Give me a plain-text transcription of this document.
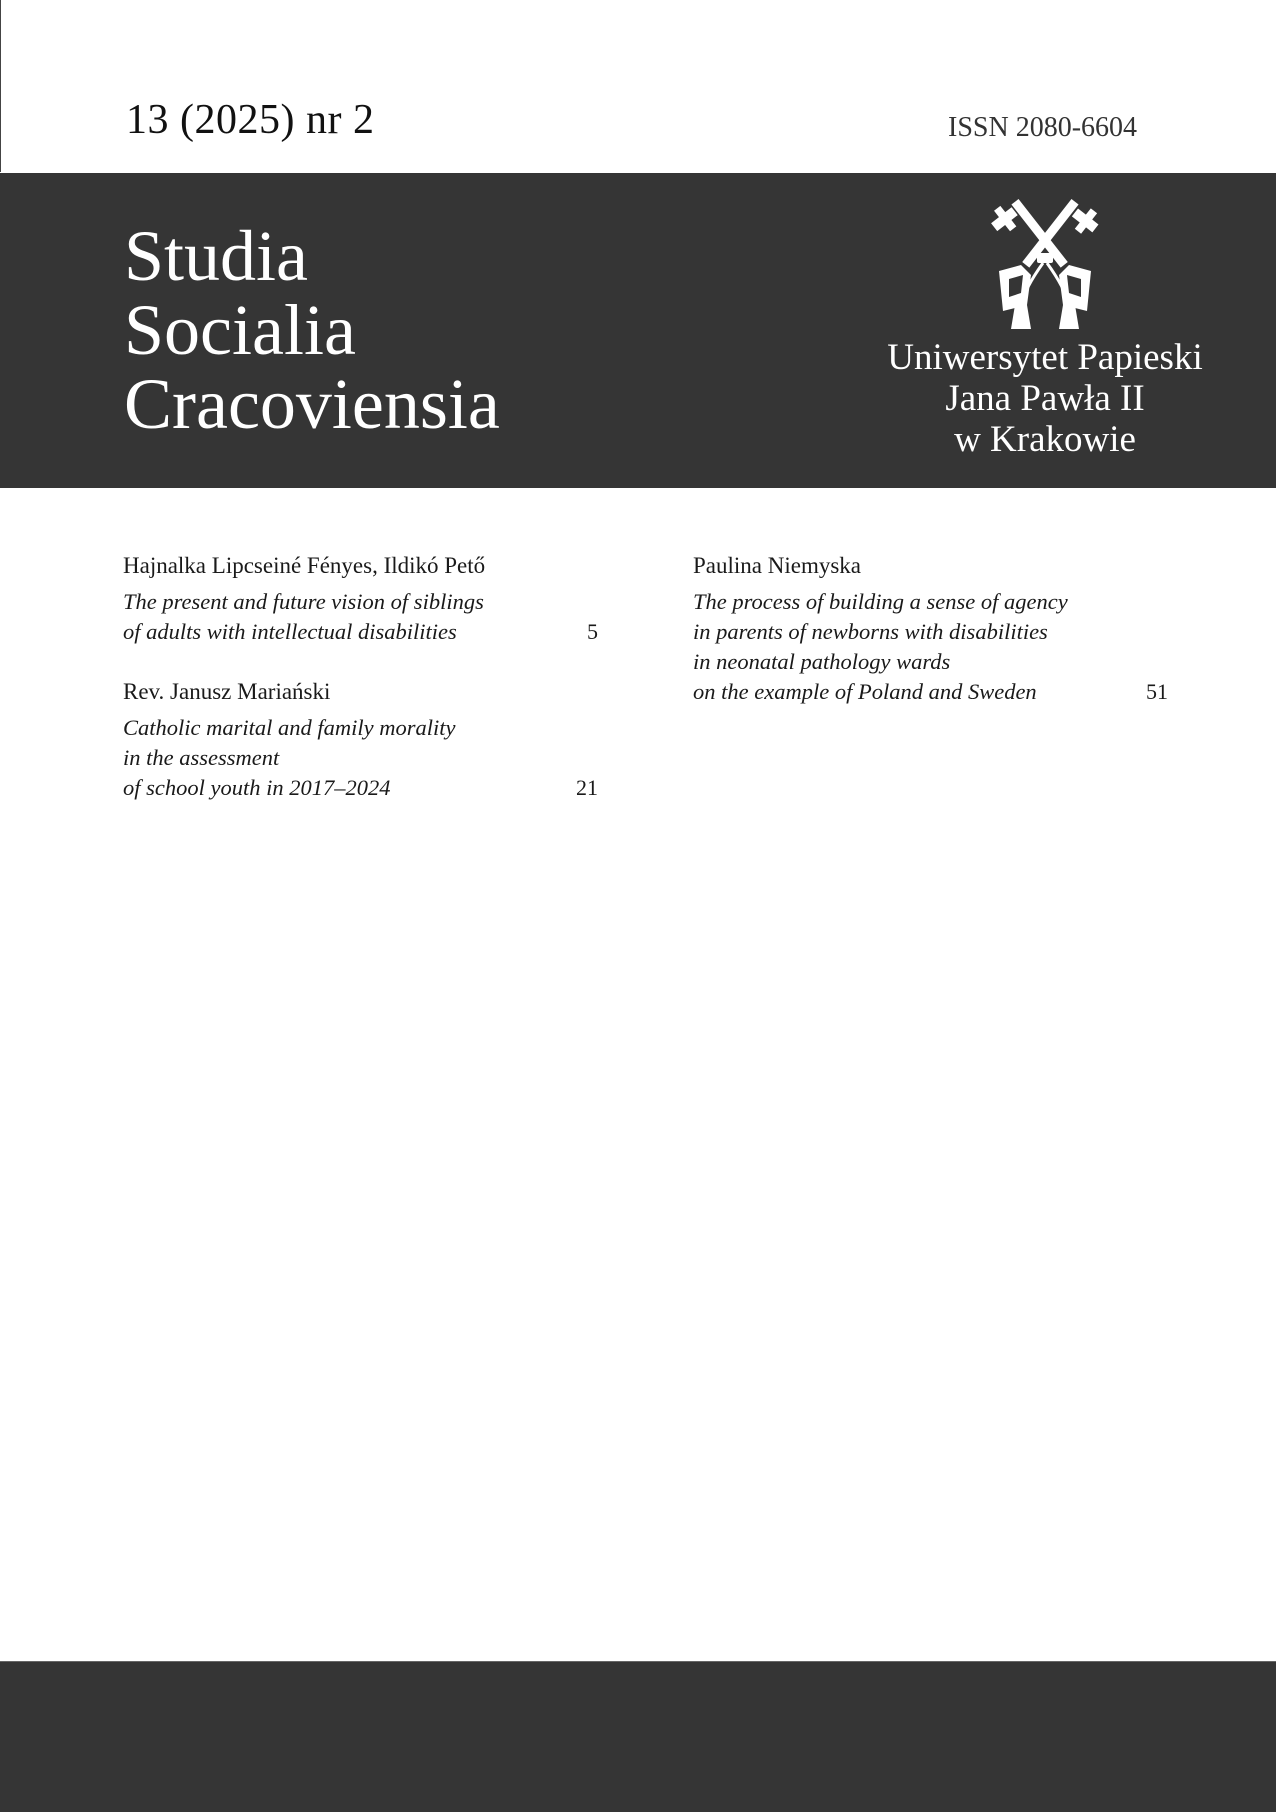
13 (2025) nr 2	ISSN 2080-6604
Studia
Socialia
Cracoviensia
Uniwersytet Papieski
Jana Pawła II
w Krakowie
Hajnalka Lipcseiné Fényes, Ildikó Pető
The present and future vision of siblings
of adults with intellectual disabilities	5
Rev. Janusz Mariański
Catholic marital and family morality
in the assessment
of school youth in 2017–2024	21
Paulina Niemyska
The process of building a sense of agency
in parents of newborns with disabilities
in neonatal pathology wards
on the example of Poland and Sweden	51
